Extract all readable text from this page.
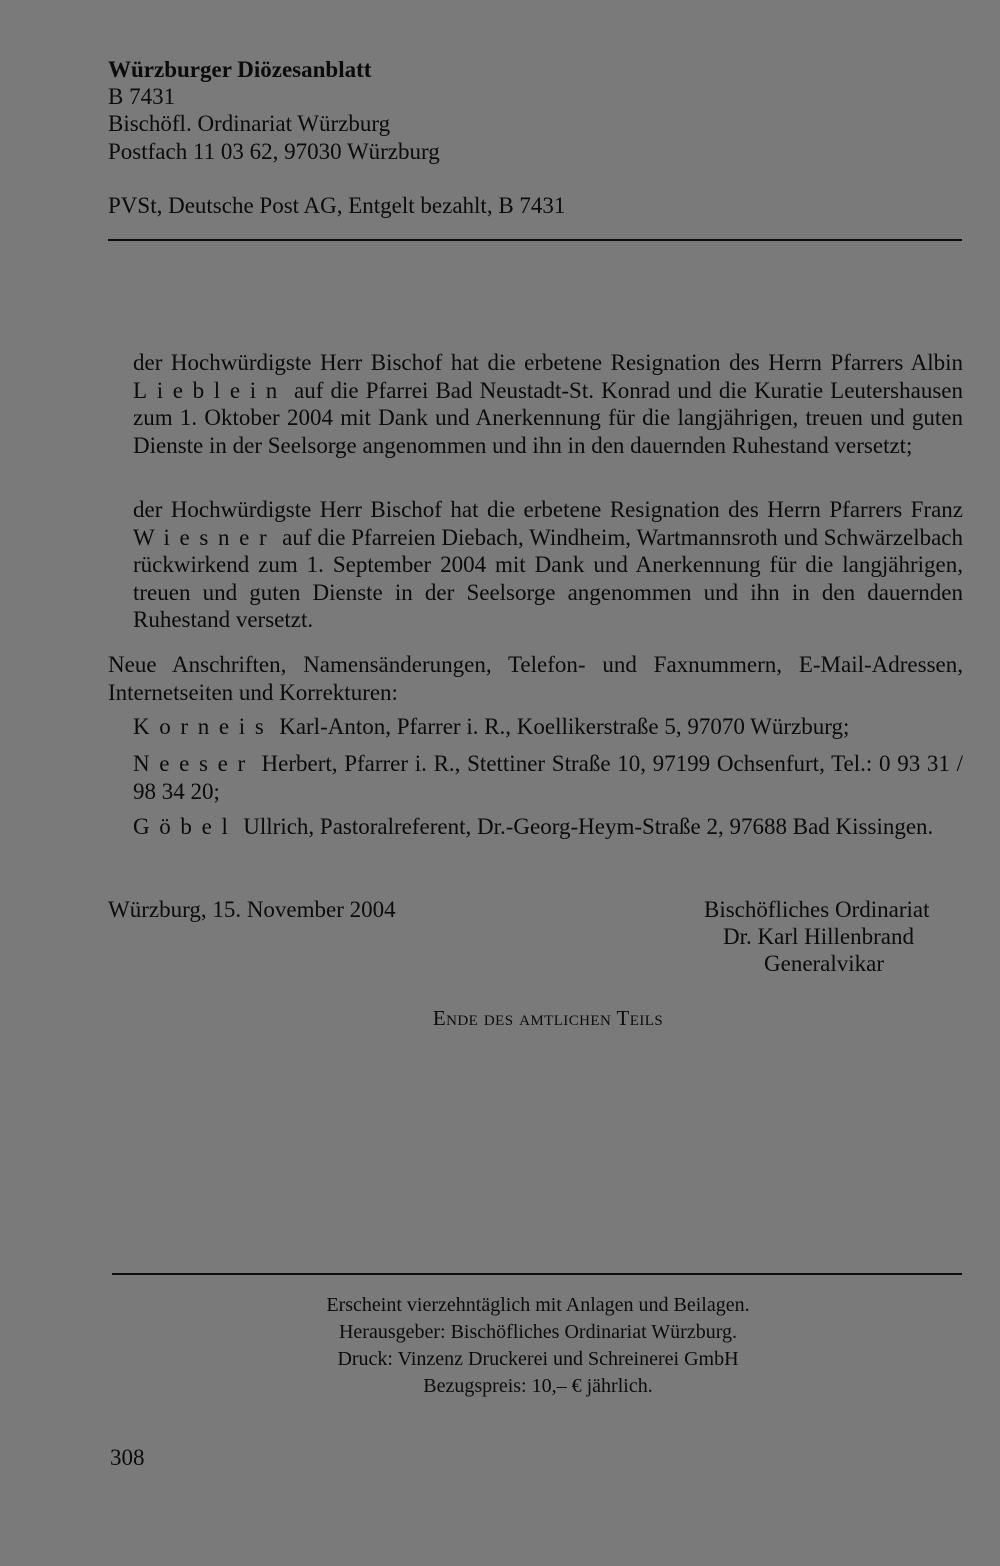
Würzburger Diözesanblatt
B 7431
Bischöfl. Ordinariat Würzburg
Postfach 11 03 62, 97030 Würzburg
PVSt, Deutsche Post AG, Entgelt bezahlt, B 7431

der Hochwürdigste Herr Bischof hat die erbetene Resignation des Herrn Pfarrers Albin Lieblein auf die Pfarrei Bad Neustadt-St. Konrad und die Kuratie Leutershausen zum 1. Oktober 2004 mit Dank und Anerkennung für die langjährigen, treuen und guten Dienste in der Seelsorge angenommen und ihn in den dauernden Ruhestand versetzt;

der Hochwürdigste Herr Bischof hat die erbetene Resignation des Herrn Pfarrers Franz Wiesner auf die Pfarreien Diebach, Windheim, Wartmannsroth und Schwärzelbach rückwirkend zum 1. September 2004 mit Dank und Anerkennung für die langjährigen, treuen und guten Dienste in der Seelsorge angenommen und ihn in den dauernden Ruhestand versetzt.

Neue Anschriften, Namensänderungen, Telefon- und Faxnummern, E-Mail-Adressen, Internetseiten und Korrekturen:
Korneis Karl-Anton, Pfarrer i. R., Koellikerstraße 5, 97070 Würzburg;
Neeser Herbert, Pfarrer i. R., Stettiner Straße 10, 97199 Ochsenfurt, Tel.: 0 93 31 / 98 34 20;
Göbel Ullrich, Pastoralreferent, Dr.-Georg-Heym-Straße 2, 97688 Bad Kissingen.
Würzburg, 15. November 2004	Bischöfliches Ordinariat
Dr. Karl Hillenbrand
Generalvikar
Ende des amtlichen Teils
Erscheint vierzehntäglich mit Anlagen und Beilagen.
Herausgeber: Bischöfliches Ordinariat Würzburg.
Druck: Vinzenz Druckerei und Schreinerei GmbH
Bezugspreis: 10,– € jährlich.
308
